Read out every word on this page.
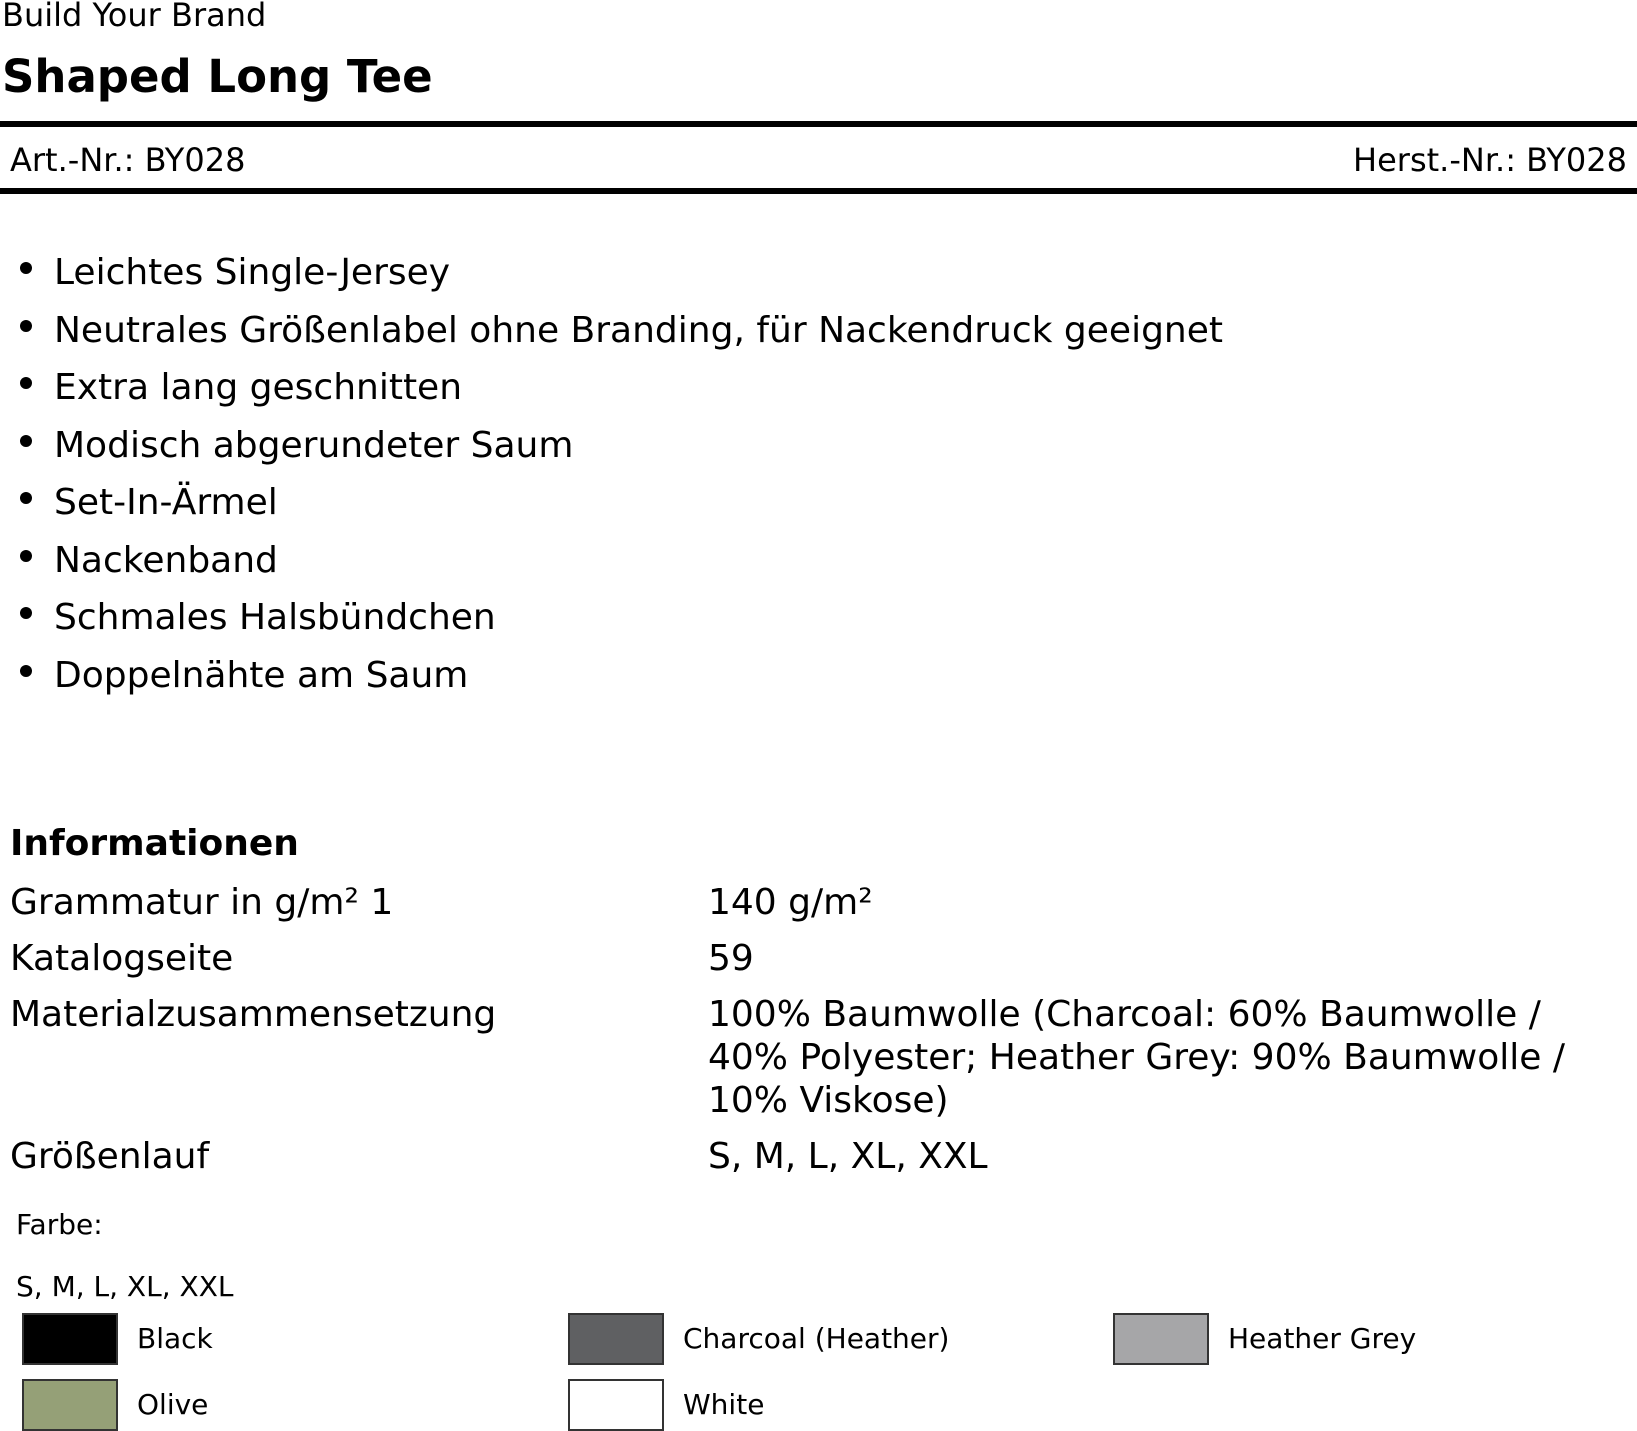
Build Your Brand
Shaped Long Tee
Art.-Nr.: BY028	Herst.-Nr.: BY028
Leichtes Single-Jersey
Neutrales Größenlabel ohne Branding, für Nackendruck geeignet
Extra lang geschnitten
Modisch abgerundeter Saum
Set-In-Ärmel
Nackenband
Schmales Halsbündchen
Doppelnähte am Saum
Informationen
Grammatur in g/m² 1	140 g/m²
Katalogseite	59
Materialzusammensetzung	100% Baumwolle (Charcoal: 60% Baumwolle / 40% Polyester; Heather Grey: 90% Baumwolle / 10% Viskose)
Größenlauf	S, M, L, XL, XXL
Farbe:
S, M, L, XL, XXL
Black	Charcoal (Heather)	Heather Grey
Olive	White
